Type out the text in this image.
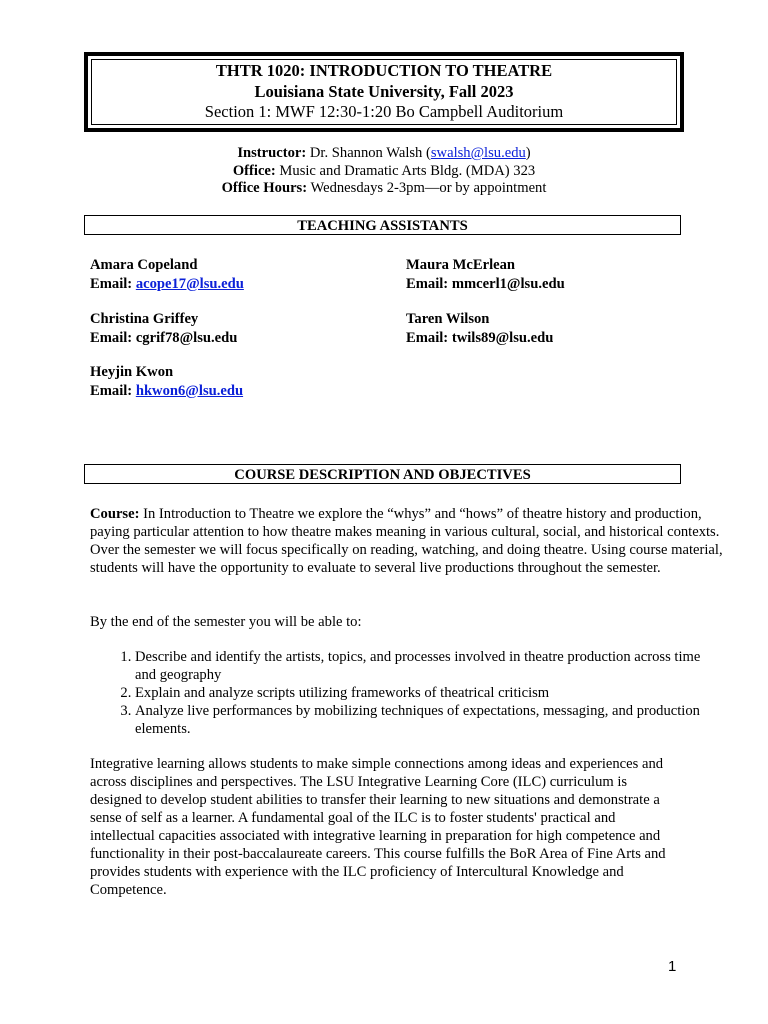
THTR 1020: INTRODUCTION TO THEATRE
Louisiana State University, Fall 2023
Section 1: MWF 12:30-1:20 Bo Campbell Auditorium
Instructor: Dr. Shannon Walsh (swalsh@lsu.edu)
Office: Music and Dramatic Arts Bldg. (MDA) 323
Office Hours: Wednesdays 2-3pm—or by appointment
TEACHING ASSISTANTS
Amara Copeland
Email: acope17@lsu.edu
Maura McErlean
Email: mmcerl1@lsu.edu
Christina Griffey
Email: cgrif78@lsu.edu
Taren Wilson
Email: twils89@lsu.edu
Heyjin Kwon
Email: hkwon6@lsu.edu
COURSE DESCRIPTION AND OBJECTIVES
Course: In Introduction to Theatre we explore the “whys” and “hows” of theatre history and production, paying particular attention to how theatre makes meaning in various cultural, social, and historical contexts. Over the semester we will focus specifically on reading, watching, and doing theatre. Using course material, students will have the opportunity to evaluate to several live productions throughout the semester.
By the end of the semester you will be able to:
1. Describe and identify the artists, topics, and processes involved in theatre production across time and geography
2. Explain and analyze scripts utilizing frameworks of theatrical criticism
3. Analyze live performances by mobilizing techniques of expectations, messaging, and production elements.
Integrative learning allows students to make simple connections among ideas and experiences and across disciplines and perspectives. The LSU Integrative Learning Core (ILC) curriculum is designed to develop student abilities to transfer their learning to new situations and demonstrate a sense of self as a learner. A fundamental goal of the ILC is to foster students' practical and intellectual capacities associated with integrative learning in preparation for high competence and functionality in their post-baccalaureate careers. This course fulfills the BoR Area of Fine Arts and provides students with experience with the ILC proficiency of Intercultural Knowledge and Competence.
1
